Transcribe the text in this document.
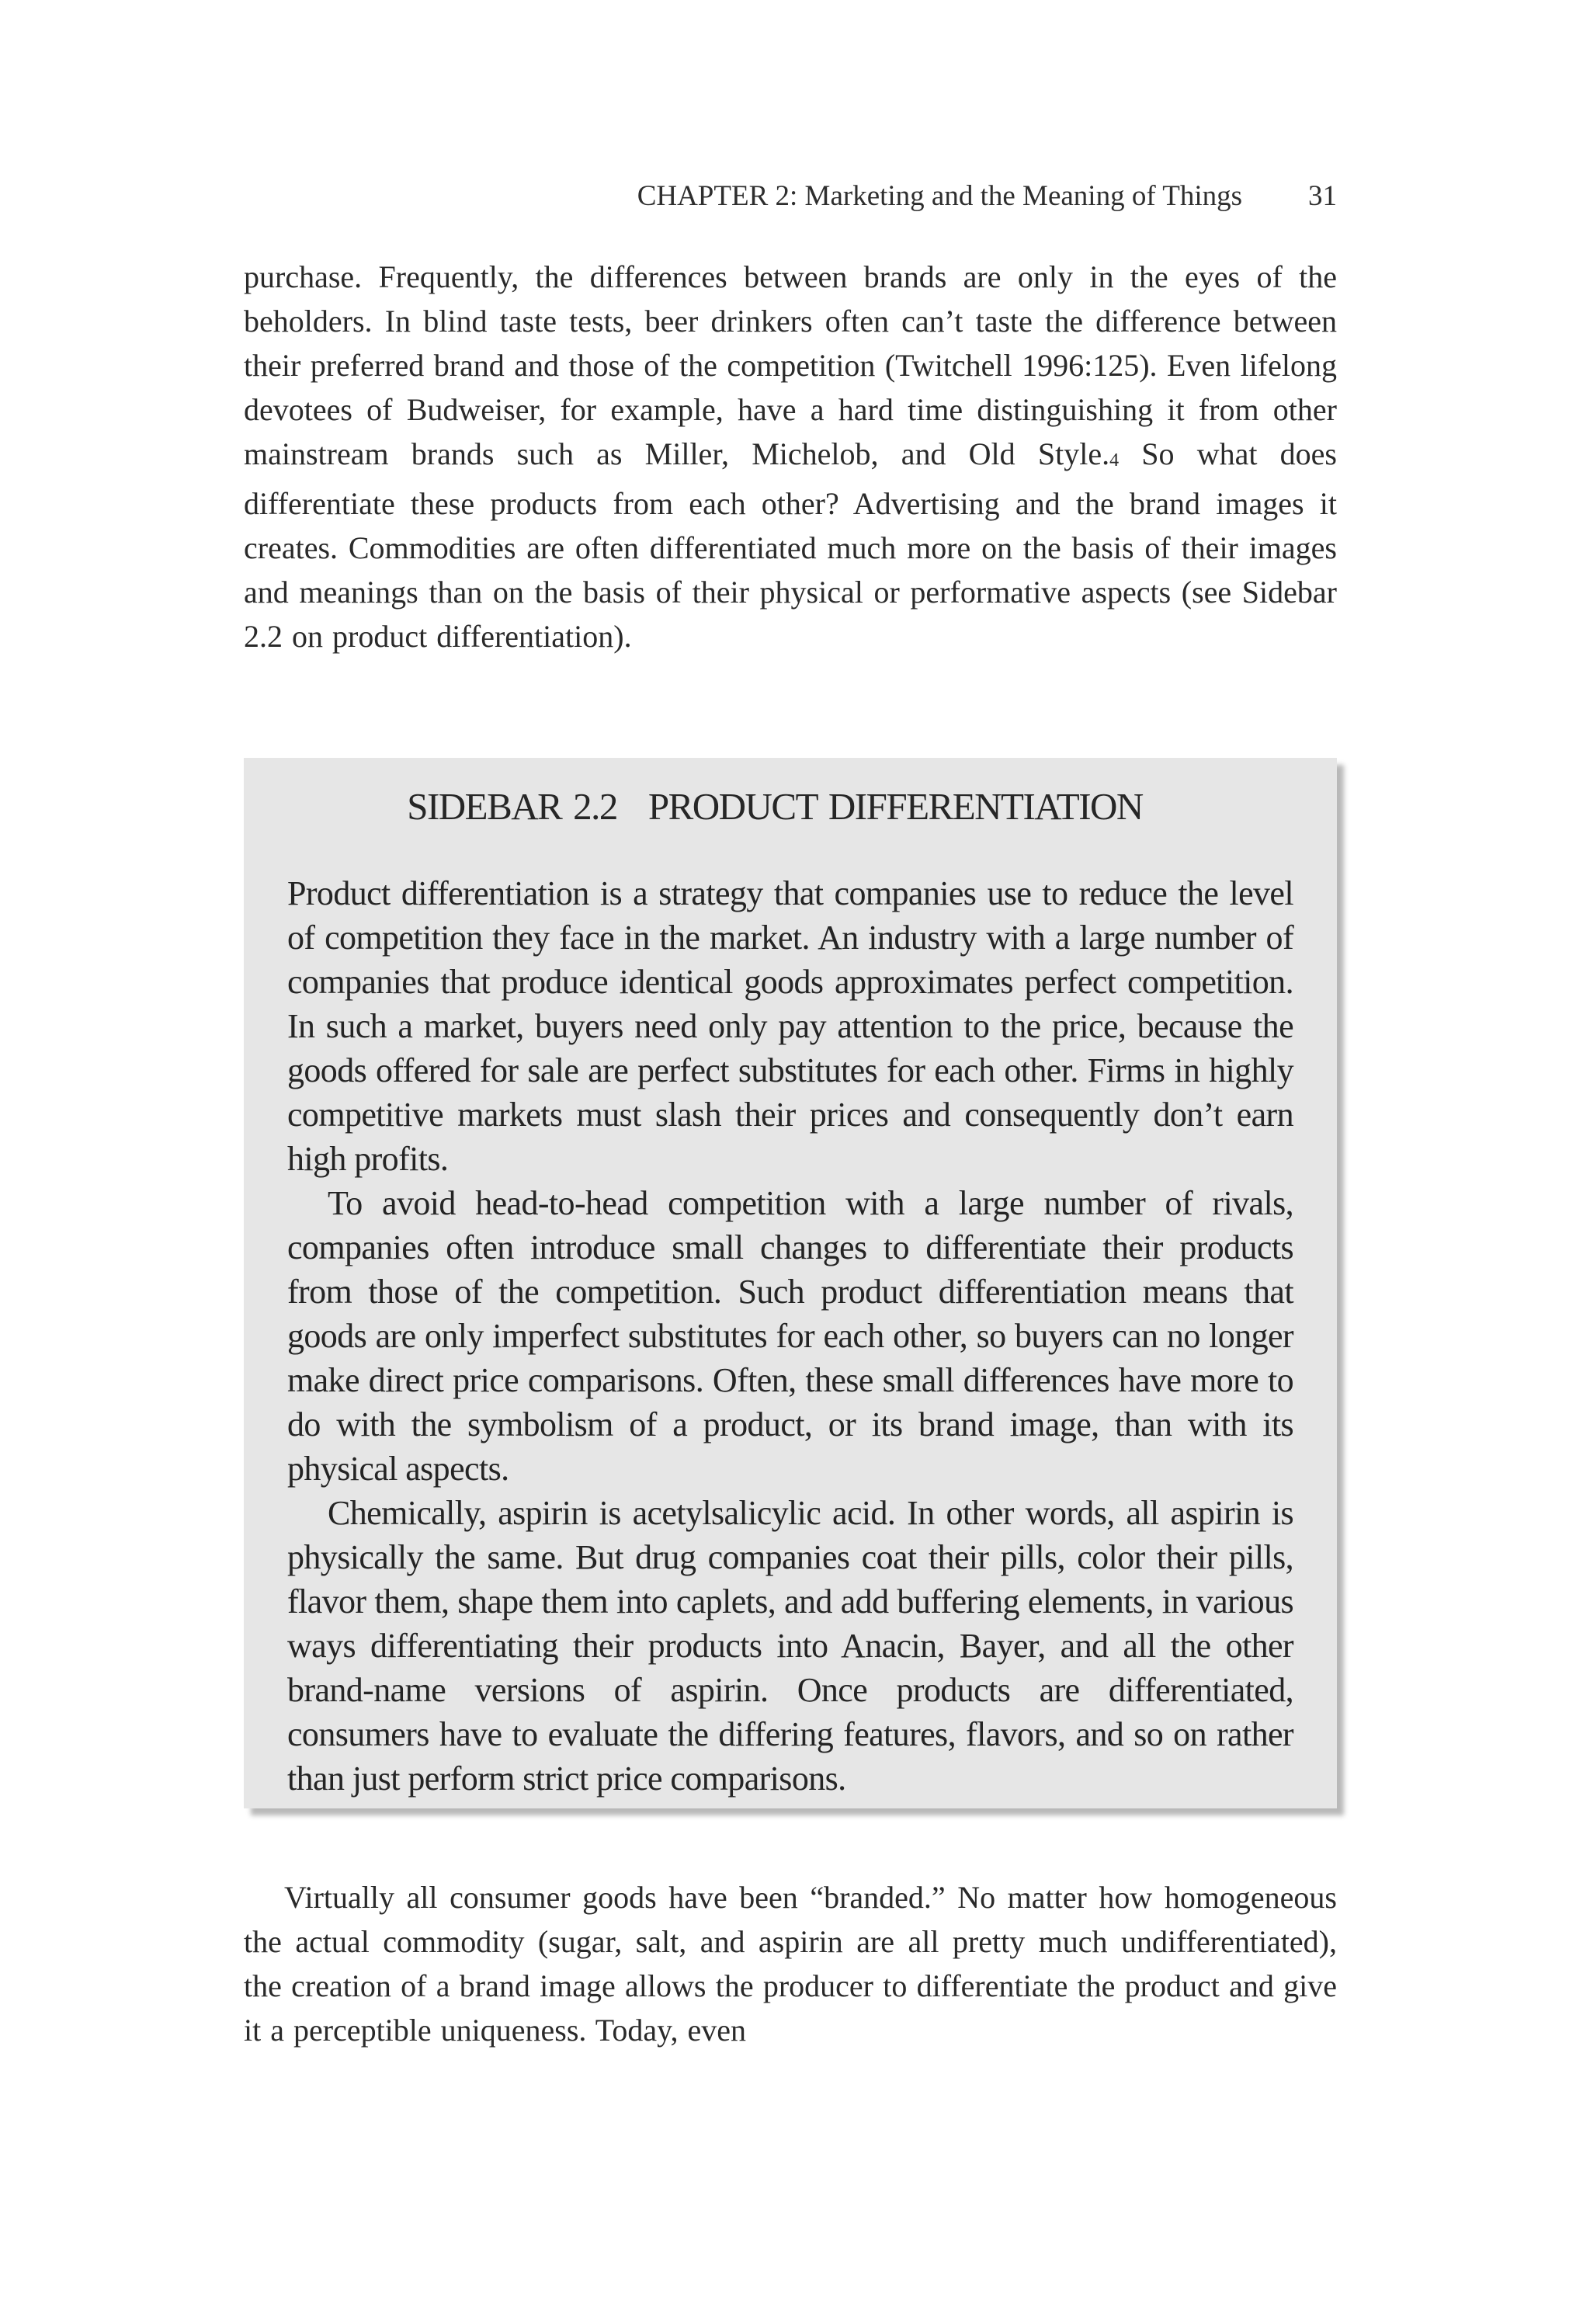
CHAPTER 2: Marketing and the Meaning of Things 31

purchase. Frequently, the differences between brands are only in the eyes of the beholders. In blind taste tests, beer drinkers often can’t taste the difference between their preferred brand and those of the competition (Twitchell 1996:125). Even lifelong devotees of Budweiser, for example, have a hard time distinguishing it from other mainstream brands such as Miller, Michelob, and Old Style.4 So what does differentiate these products from each other? Advertising and the brand images it creates. Commodities are often differentiated much more on the basis of their images and meanings than on the basis of their physical or performative aspects (see Sidebar 2.2 on product differentiation).

SIDEBAR 2.2 PRODUCT DIFFERENTIATION

Product differentiation is a strategy that companies use to reduce the level of competition they face in the market. An industry with a large number of companies that produce identical goods approximates perfect competition. In such a market, buyers need only pay attention to the price, because the goods offered for sale are perfect substitutes for each other. Firms in highly competitive markets must slash their prices and consequently don’t earn high profits.

To avoid head-to-head competition with a large number of rivals, companies often introduce small changes to differentiate their products from those of the competition. Such product differentiation means that goods are only imperfect substitutes for each other, so buyers can no longer make direct price comparisons. Often, these small differences have more to do with the symbolism of a product, or its brand image, than with its physical aspects.

Chemically, aspirin is acetylsalicylic acid. In other words, all aspirin is physically the same. But drug companies coat their pills, color their pills, flavor them, shape them into caplets, and add buffering elements, in various ways differentiating their products into Anacin, Bayer, and all the other brand-name versions of aspirin. Once products are differentiated, consumers have to evaluate the differing features, flavors, and so on rather than just perform strict price comparisons.

Virtually all consumer goods have been “branded.” No matter how homogeneous the actual commodity (sugar, salt, and aspirin are all pretty much undifferentiated), the creation of a brand image allows the producer to differentiate the product and give it a perceptible uniqueness. Today, even
